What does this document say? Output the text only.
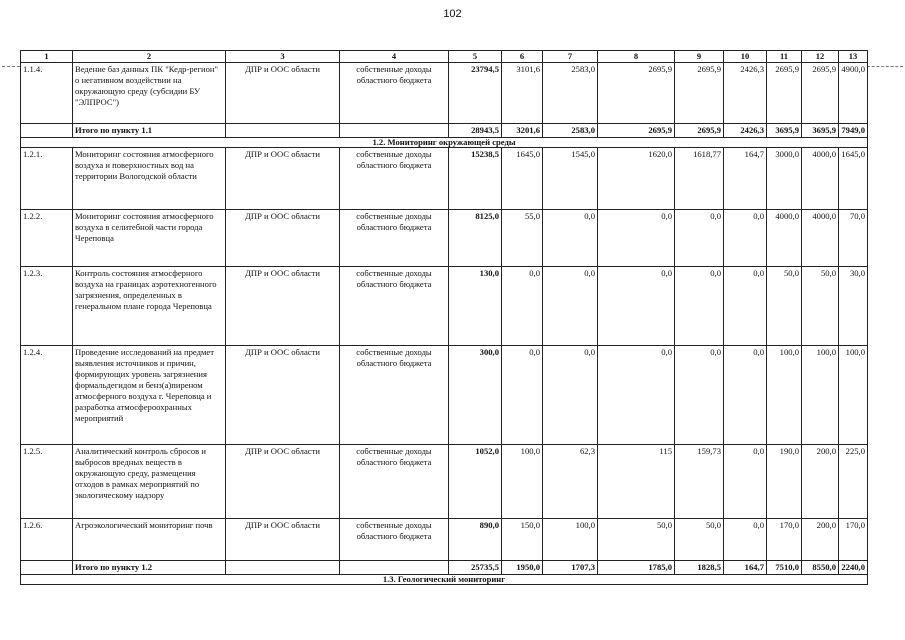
102
1	2	3	4	5	6	7	8	9	10	11	12	13
1.1.4.	Ведение баз данных ПК "Кедр-регион" о негативном воздействии на окружающую среду (субсидии БУ "ЭЛПРОС")	ДПР и ООС области	собственные доходы областного бюджета	23794,5	3101,6	2583,0	2695,9	2695,9	2426,3	2695,9	2695,9	4900,0
	Итого по пункту 1.1			28943,5	3201,6	2583,0	2695,9	2695,9	2426,3	3695,9	3695,9	7949,0
1.2. Мониторинг окружающей среды												
1.2.1.	Мониторинг состояния атмосферного воздуха и поверхностных вод на территории Вологодской области	ДПР и ООС области	собственные доходы областного бюджета	15238,5	1645,0	1545,0	1620,0	1618,77	164,7	3000,0	4000,0	1645,0
1.2.2.	Мониторинг состояния атмосферного воздуха в селитебной части города Череповца	ДПР и ООС области	собственные доходы областного бюджета	8125,0	55,0	0,0	0,0	0,0	0,0	4000,0	4000,0	70,0
1.2.3.	Контроль состояния атмосферного воздуха на границах аэротехногенного загрязнения, определенных в генеральном плане города Череповца	ДПР и ООС области	собственные доходы областного бюджета	130,0	0,0	0,0	0,0	0,0	0,0	50,0	50,0	30,0
1.2.4.	Проведение исследований на предмет выявления источников и причин, формирующих уровень загрязнения формальдегидом и бенз(а)пиреном атмосферного воздуха г. Череповца и разработка атмосфероохранных мероприятий	ДПР и ООС области	собственные доходы областного бюджета	300,0	0,0	0,0	0,0	0,0	0,0	100,0	100,0	100,0
1.2.5.	Аналитический контроль сбросов и выбросов вредных веществ в окружающую среду, размещения отходов в рамках мероприятий по экологическому надзору	ДПР и ООС области	собственные доходы областного бюджета	1052,0	100,0	62,3	115	159,73	0,0	190,0	200,0	225,0
1.2.6.	Агроэкологический мониторинг почв	ДПР и ООС области	собственные доходы областного бюджета	890,0	150,0	100,0	50,0	50,0	0,0	170,0	200,0	170,0
	Итого по пункту 1.2			25735,5	1950,0	1707,3	1785,0	1828,5	164,7	7510,0	8550,0	2240,0
1.3. Геологический мониторинг												
